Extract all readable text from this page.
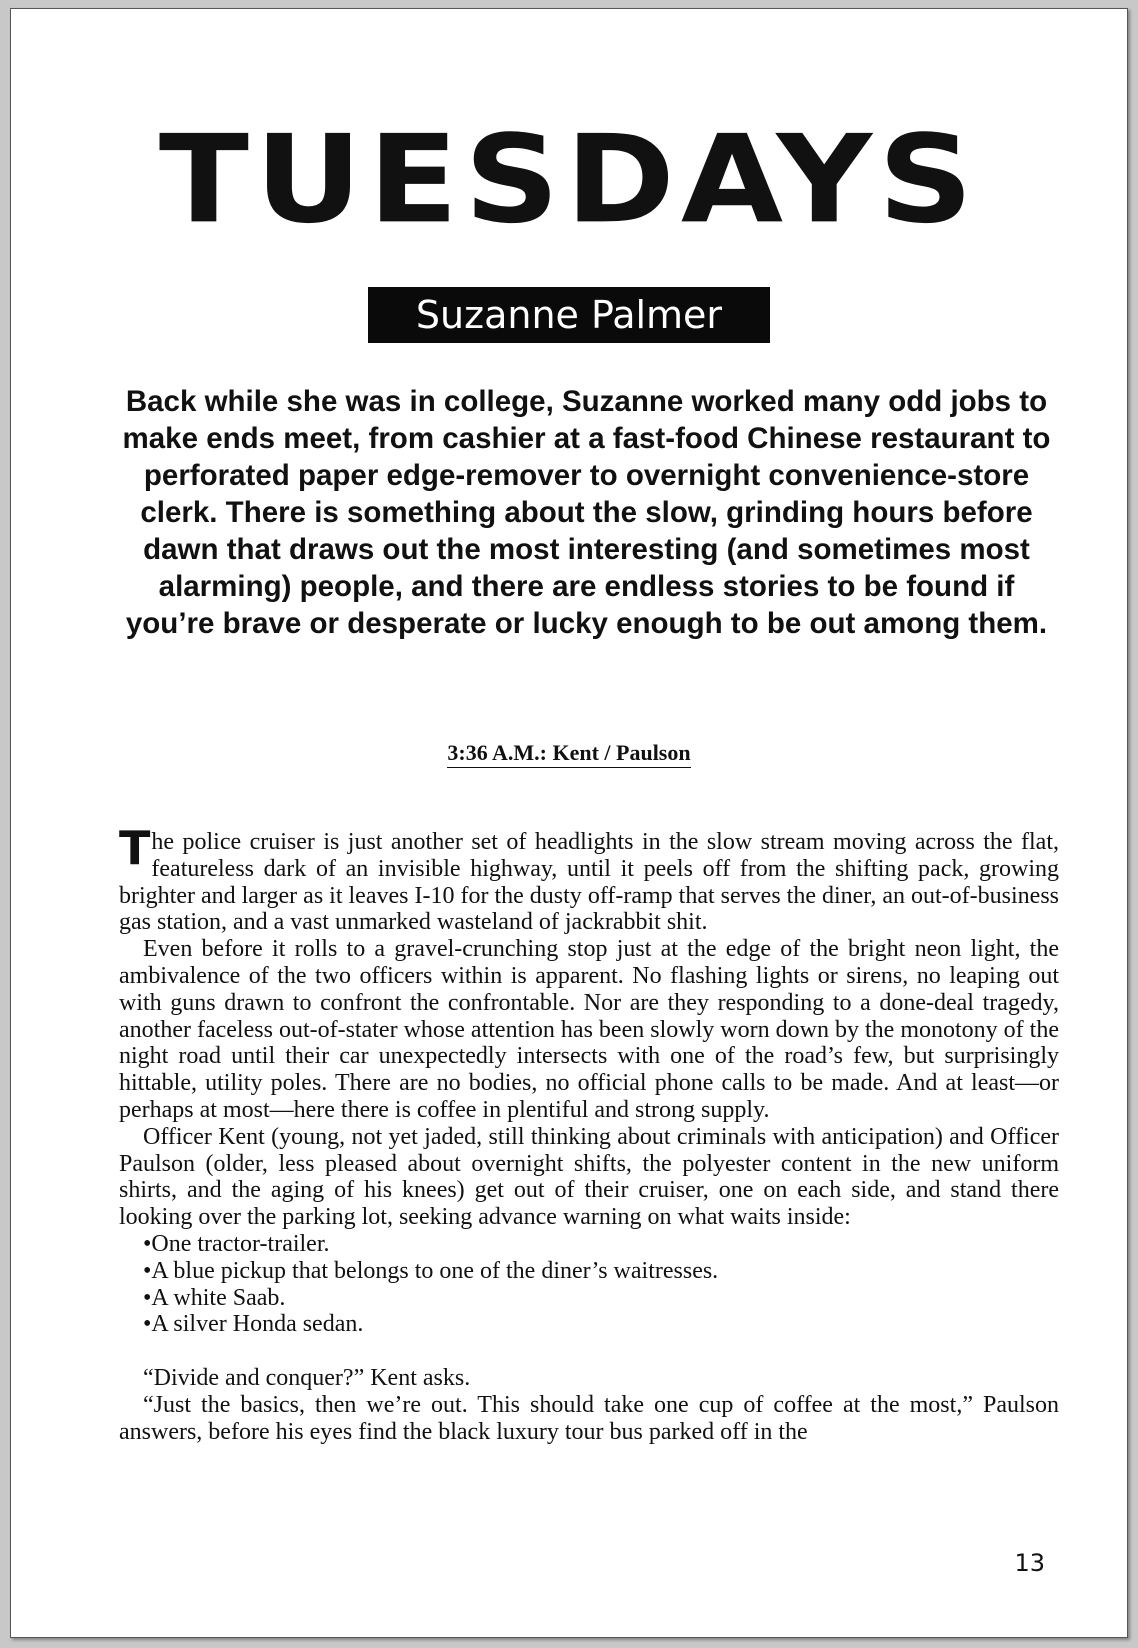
TUESDAYS
Suzanne Palmer
Back while she was in college, Suzanne worked many odd jobs to make ends meet, from cashier at a fast-food Chinese restaurant to perforated paper edge-remover to overnight convenience-store clerk. There is something about the slow, grinding hours before dawn that draws out the most interesting (and sometimes most alarming) people, and there are endless stories to be found if you’re brave or desperate or lucky enough to be out among them.
3:36 A.M.: Kent / Paulson

The police cruiser is just another set of headlights in the slow stream moving across the flat, featureless dark of an invisible highway, until it peels off from the shifting pack, growing brighter and larger as it leaves I-10 for the dusty off-ramp that serves the diner, an out-of-business gas station, and a vast unmarked wasteland of jackrabbit shit.

Even before it rolls to a gravel-crunching stop just at the edge of the bright neon light, the ambivalence of the two officers within is apparent. No flashing lights or sirens, no leaping out with guns drawn to confront the confrontable. Nor are they responding to a done-deal tragedy, another faceless out-of-stater whose attention has been slowly worn down by the monotony of the night road until their car unexpectedly intersects with one of the road’s few, but surprisingly hittable, utility poles. There are no bodies, no official phone calls to be made. And at least—or perhaps at most—here there is coffee in plentiful and strong supply.

Officer Kent (young, not yet jaded, still thinking about criminals with anticipation) and Officer Paulson (older, less pleased about overnight shifts, the polyester content in the new uniform shirts, and the aging of his knees) get out of their cruiser, one on each side, and stand there looking over the parking lot, seeking advance warning on what waits inside:

• One tractor-trailer.
• A blue pickup that belongs to one of the diner’s waitresses.
• A white Saab.
• A silver Honda sedan.

“Divide and conquer?” Kent asks.

“Just the basics, then we’re out. This should take one cup of coffee at the most,” Paulson answers, before his eyes find the black luxury tour bus parked off in the

13
